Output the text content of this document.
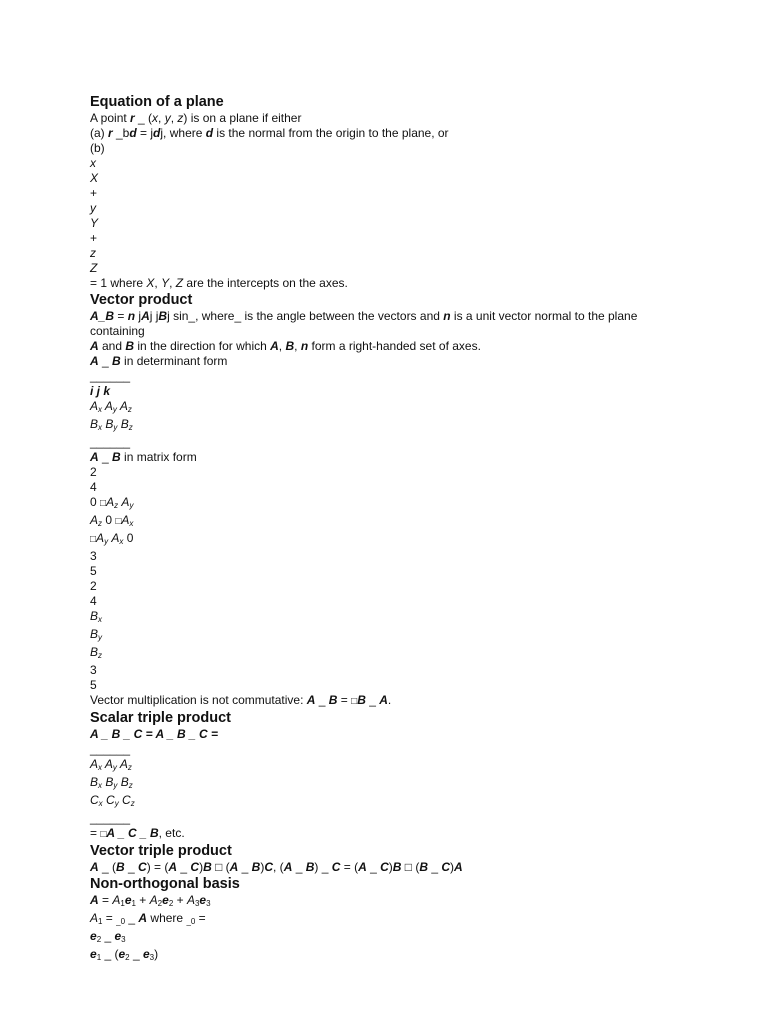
Equation of a plane

A point r _ (x, y, z) is on a plane if either

(a) r _bd = jdj, where d is the normal from the origin to the plane, or

(b)

x

X

+

y

Y

+

z

Z

= 1 where X, Y, Z are the intercepts on the axes.

Vector product

A_B = n jAj jBj sin_, where_ is the angle between the vectors and n is a unit vector normal to the plane containing

A and B in the direction for which A, B, n form a right-handed set of axes.

A _ B in determinant form

______

i j k

$A_x$ $A_y$ $A_z$

$B_x$ $B_y$ $B_z$

______

A _ B in matrix form

2

4

0 $□A_z$ $A_y$

$A_z$ 0 $□A_x$

$□A_y$ $A_x$ 0

3

5

2

4

$B_x$

$B_y$

$B_z$

3

5

Vector multiplication is not commutative: A _ B = □B _ A.

Scalar triple product

A _ B _ C = A _ B _ C =

______

$A_x$ $A_y$ $A_z$

$B_x$ $B_y$ $B_z$

$C_x$ $C_y$ $C_z$

______

= □A _ C _ B, etc.

Vector triple product

A _ (B _ C) = (A _ C)B □ (A _ B)C, (A _ B) _ C = (A _ C)B □ (B _ C)A

Non-orthogonal basis

$A = A_1e_1 + A_2e_2 + A_3e_3$

$A_1 = _{\_0}$ _ A where $_{\_0}$ =

$e_2$ _ $e_3$

$e_1$ _ ($e_2$ _ $e_3$)
